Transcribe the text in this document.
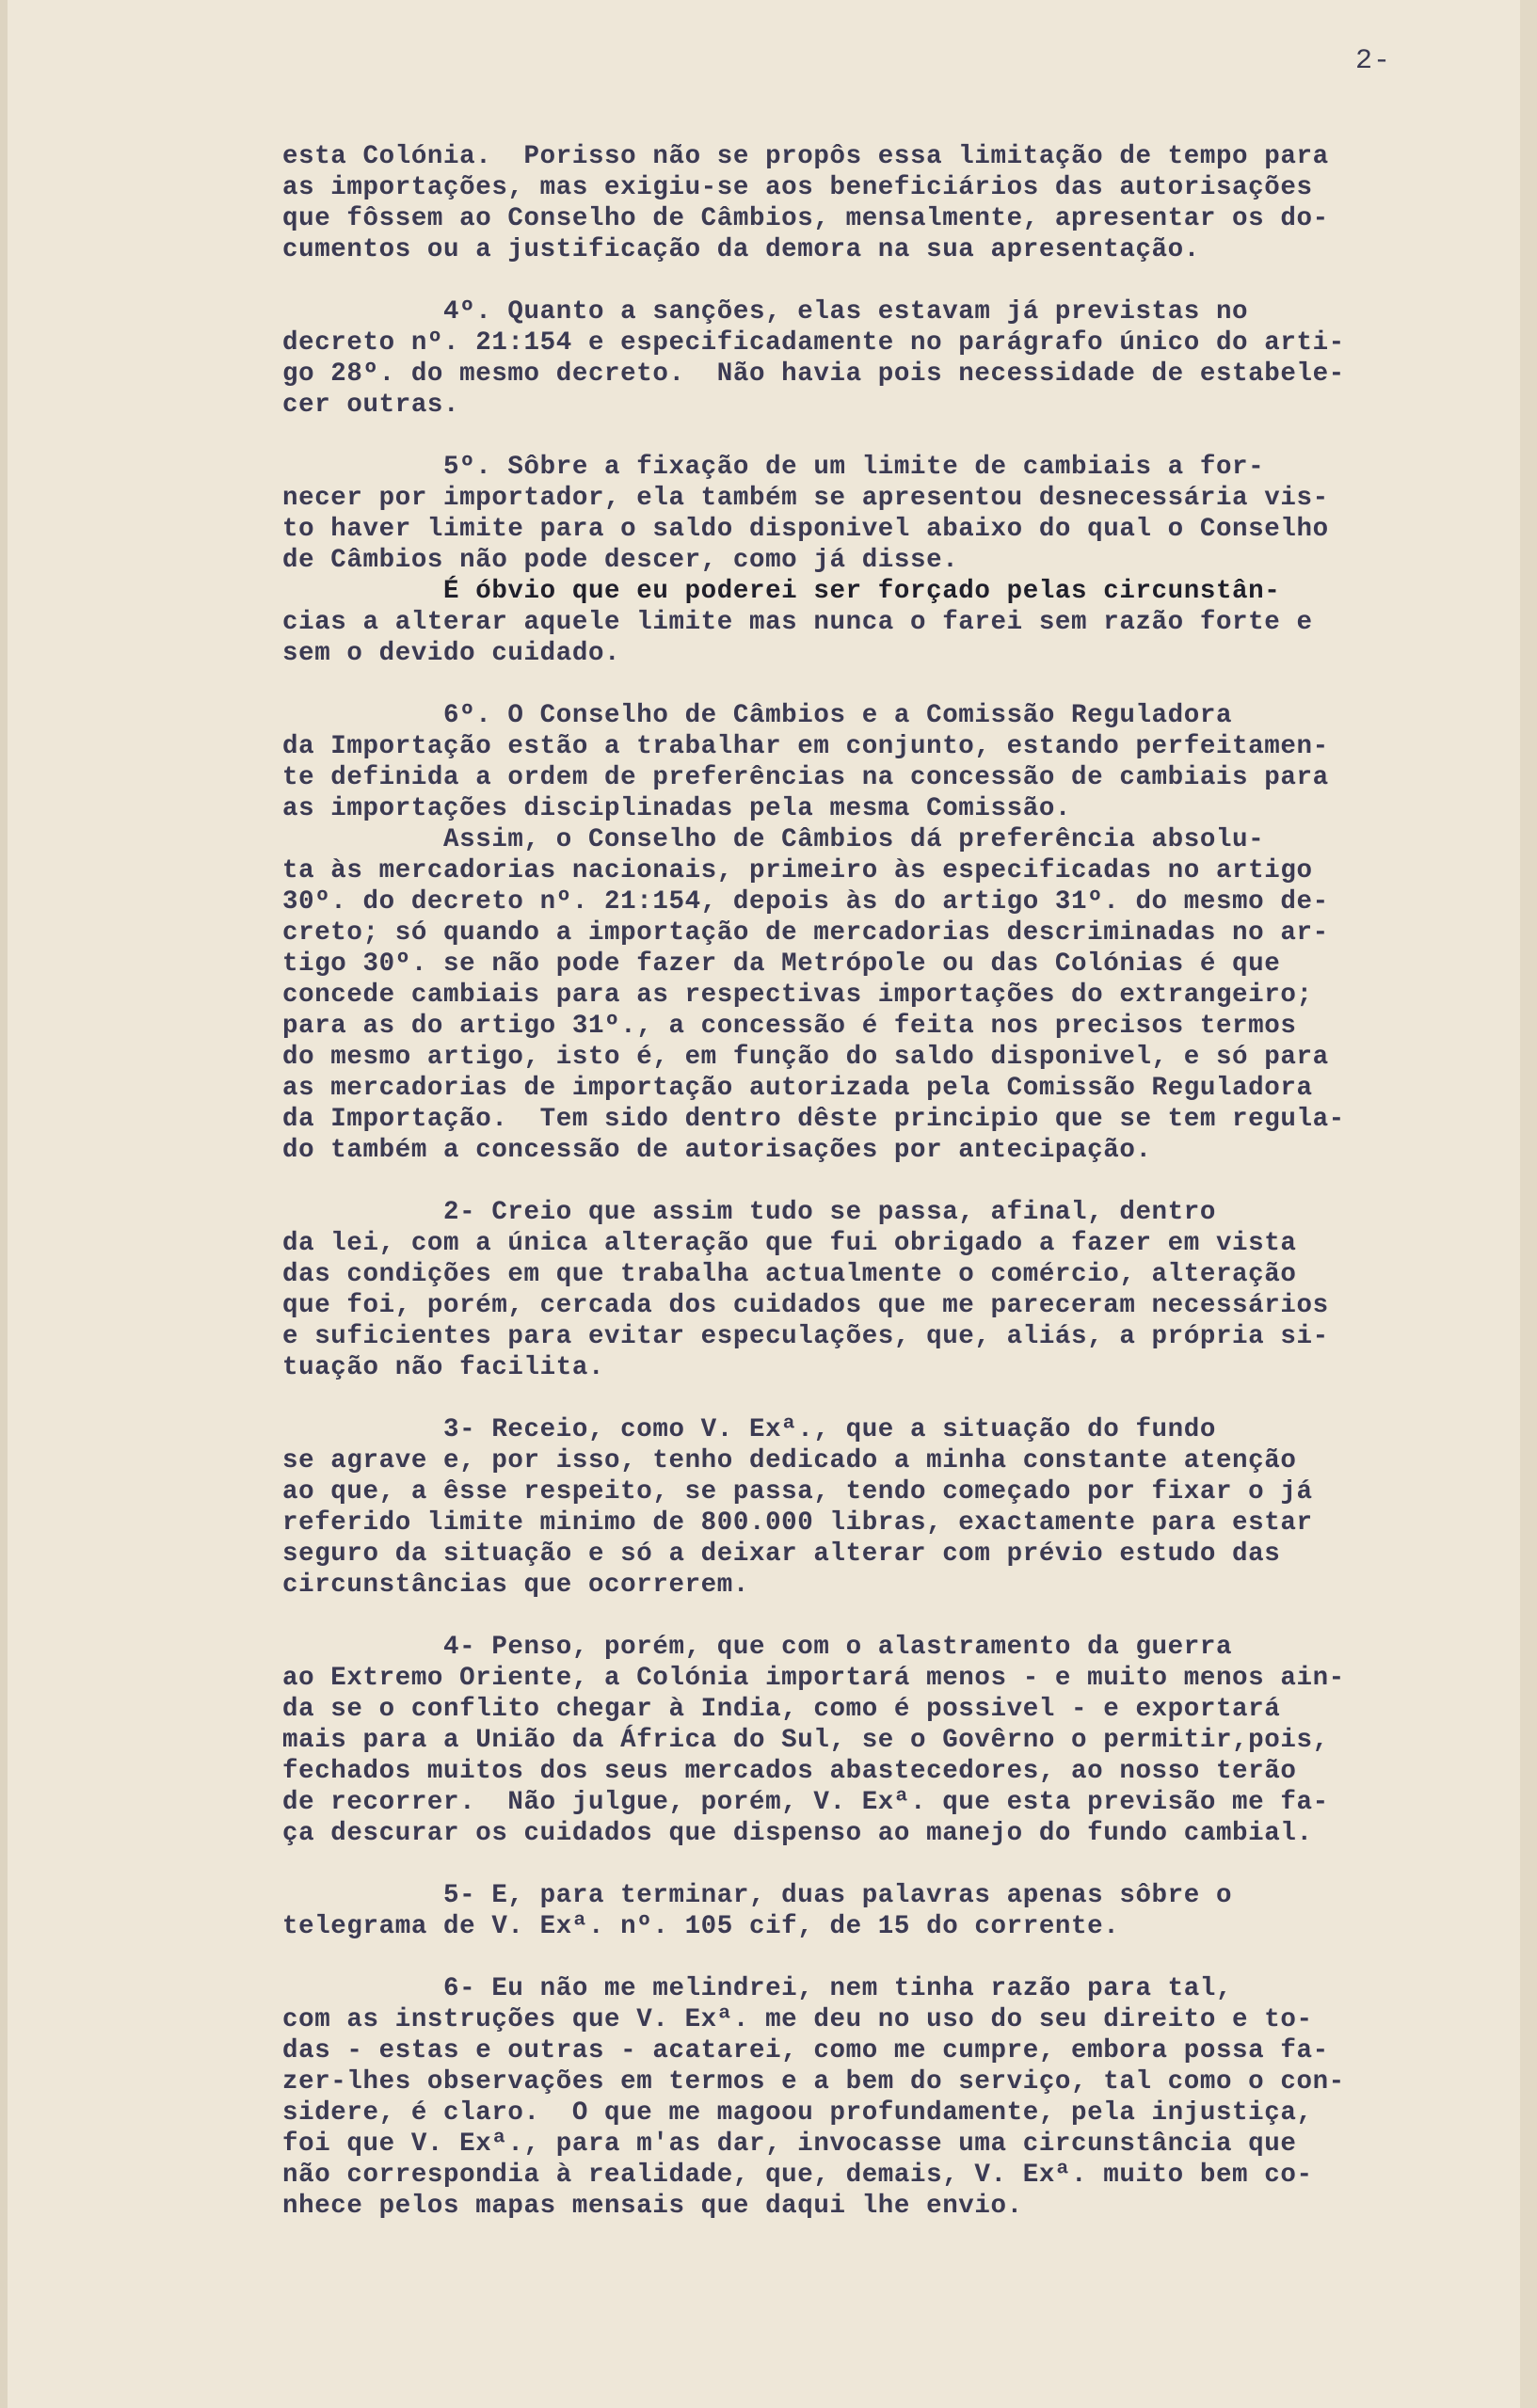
2-
esta Colónia.  Porisso não se propôs essa limitação de tempo para
as importações, mas exigiu-se aos beneficiários das autorisações
que fôssem ao Conselho de Câmbios, mensalmente, apresentar os do-
cumentos ou a justificação da demora na sua apresentação.
4º. Quanto a sanções, elas estavam já previstas no
decreto nº. 21:154 e especificadamente no parágrafo único do arti-
go 28º. do mesmo decreto.  Não havia pois necessidade de estabele-
cer outras.
5º. Sôbre a fixação de um limite de cambiais a for-
necer por importador, ela também se apresentou desnecessária vis-
to haver limite para o saldo disponivel abaixo do qual o Conselho
de Câmbios não pode descer, como já disse.
É óbvio que eu poderei ser forçado pelas circunstân-
cias a alterar aquele limite mas nunca o farei sem razão forte e
sem o devido cuidado.
6º. O Conselho de Câmbios e a Comissão Reguladora
da Importação estão a trabalhar em conjunto, estando perfeitamen-
te definida a ordem de preferências na concessão de cambiais para
as importações disciplinadas pela mesma Comissão.
Assim, o Conselho de Câmbios dá preferência absolu-
ta às mercadorias nacionais, primeiro às especificadas no artigo
30º. do decreto nº. 21:154, depois às do artigo 31º. do mesmo de-
creto; só quando a importação de mercadorias descriminadas no ar-
tigo 30º. se não pode fazer da Metrópole ou das Colónias é que
concede cambiais para as respectivas importações do extrangeiro;
para as do artigo 31º., a concessão é feita nos precisos termos
do mesmo artigo, isto é, em função do saldo disponivel, e só para
as mercadorias de importação autorizada pela Comissão Reguladora
da Importação.  Tem sido dentro dêste principio que se tem regula-
do também a concessão de autorisações por antecipação.
2- Creio que assim tudo se passa, afinal, dentro
da lei, com a única alteração que fui obrigado a fazer em vista
das condições em que trabalha actualmente o comércio, alteração
que foi, porém, cercada dos cuidados que me pareceram necessários
e suficientes para evitar especulações, que, aliás, a própria si-
tuação não facilita.
3- Receio, como V. Exª., que a situação do fundo
se agrave e, por isso, tenho dedicado a minha constante atenção
ao que, a êsse respeito, se passa, tendo começado por fixar o já
referido limite minimo de 800.000 libras, exactamente para estar
seguro da situação e só a deixar alterar com prévio estudo das
circunstâncias que ocorrerem.
4- Penso, porém, que com o alastramento da guerra
ao Extremo Oriente, a Colónia importará menos - e muito menos ain-
da se o conflito chegar à India, como é possivel - e exportará
mais para a União da África do Sul, se o Govêrno o permitir,pois,
fechados muitos dos seus mercados abastecedores, ao nosso terão
de recorrer.  Não julgue, porém, V. Exª. que esta previsão me fa-
ça descurar os cuidados que dispenso ao manejo do fundo cambial.
5- E, para terminar, duas palavras apenas sôbre o
telegrama de V. Exª. nº. 105 cif, de 15 do corrente.
6- Eu não me melindrei, nem tinha razão para tal,
com as instruções que V. Exª. me deu no uso do seu direito e to-
das - estas e outras - acatarei, como me cumpre, embora possa fa-
zer-lhes observações em termos e a bem do serviço, tal como o con-
sidere, é claro.  O que me magoou profundamente, pela injustiça,
foi que V. Exª., para m'as dar, invocasse uma circunstância que
não correspondia à realidade, que, demais, V. Exª. muito bem co-
nhece pelos mapas mensais que daqui lhe envio.
